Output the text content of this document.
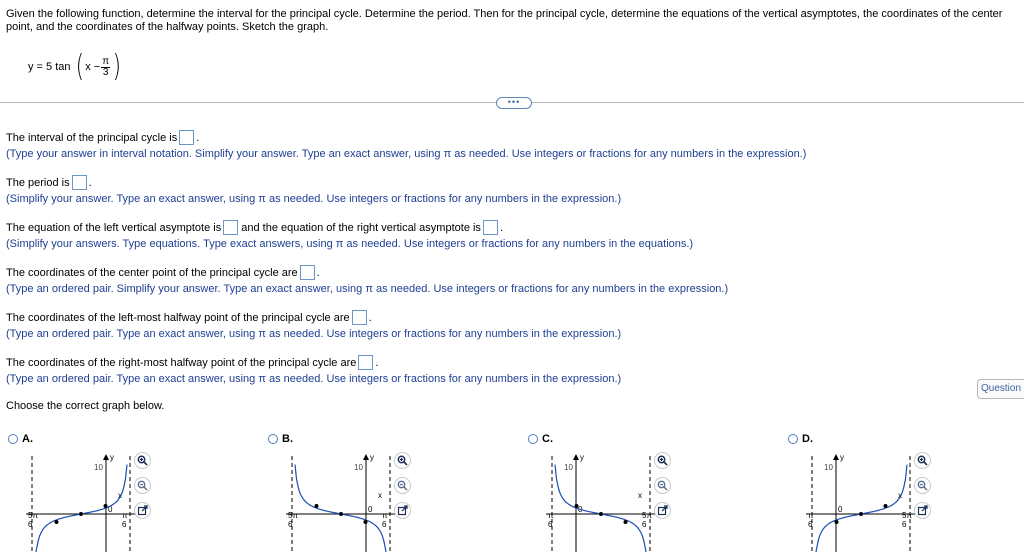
Given the following function, determine the interval for the principal cycle. Determine the period. Then for the principal cycle, determine the equations of the vertical asymptotes, the coordinates of the center point, and the coordinates of the halfway points. Sketch the graph.
y = 5 tan ( $x - \frac{\pi}{3}$ )
•••
The interval of the principal cycle is .
(Type your answer in interval notation. Simplify your answer. Type an exact answer, using π as needed. Use integers or fractions for any numbers in the expression.)
The period is .
(Simplify your answer. Type an exact answer, using π as needed. Use integers or fractions for any numbers in the expression.)
The equation of the left vertical asymptote is and the equation of the right vertical asymptote is .
(Simplify your answers. Type equations. Type exact answers, using π as needed. Use integers or fractions for any numbers in the equations.)
The coordinates of the center point of the principal cycle are .
(Type an ordered pair. Simplify your answer. Type an exact answer, using π as needed. Use integers or fractions for any numbers in the expression.)
The coordinates of the left-most halfway point of the principal cycle are .
(Type an ordered pair. Type an exact answer, using π as needed. Use integers or fractions for any numbers in the expression.)
The coordinates of the right-most halfway point of the principal cycle are .
(Type an ordered pair. Type an exact answer, using π as needed. Use integers or fractions for any numbers in the expression.)
Choose the correct graph below.
Question
A.
y
x
10
5π
6
π
6
0
B.
y
x
10
5π
6
π
6
0
C.
y
x
10
π
6
5π
6
0
D.
y
x
10
π
6
5π
6
0
